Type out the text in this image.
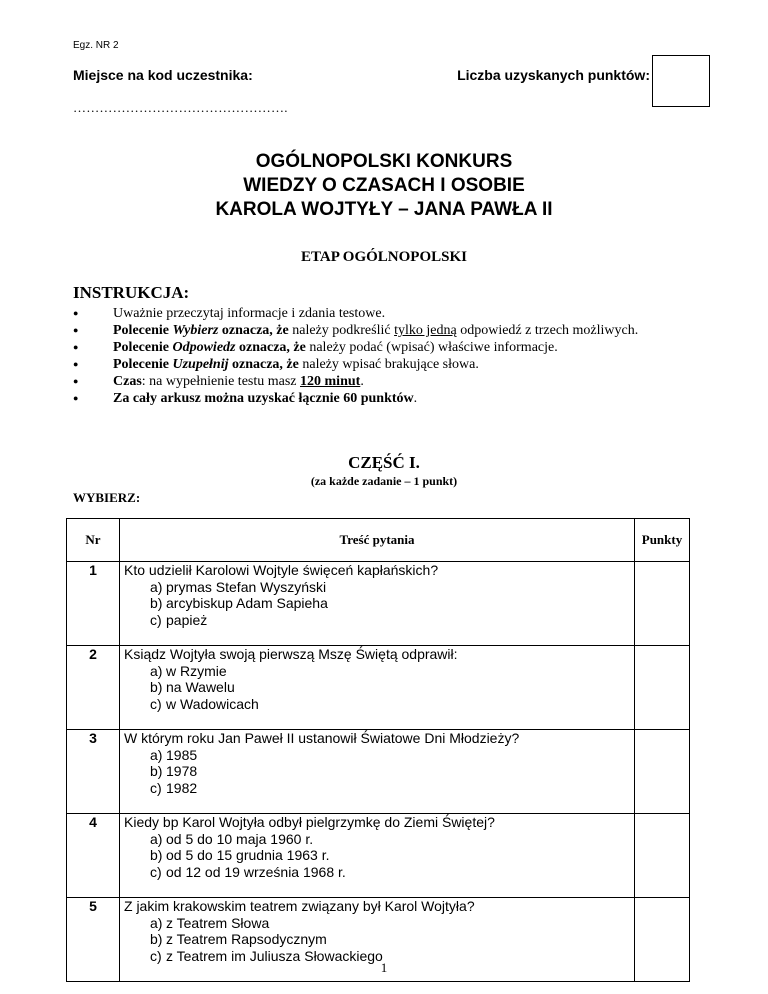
Egz. NR 2
Miejsce na kod uczestnika:	Liczba uzyskanych punktów:
………………………………………….
OGÓLNOPOLSKI KONKURS
WIEDZY O CZASACH I OSOBIE
KAROLA WOJTYŁY – JANA PAWŁA II
ETAP OGÓLNOPOLSKI
INSTRUKCJA:
● Uważnie przeczytaj informacje i zdania testowe.
● Polecenie Wybierz oznacza, że należy podkreślić tylko jedną odpowiedź z trzech możliwych.
● Polecenie Odpowiedz oznacza, że należy podać (wpisać) właściwe informacje.
● Polecenie Uzupełnij oznacza, że należy wpisać brakujące słowa.
● Czas: na wypełnienie testu masz 120 minut.
● Za cały arkusz można uzyskać łącznie 60 punktów.
CZĘŚĆ I.
(za każde zadanie – 1 punkt)
WYBIERZ:
Nr	Treść pytania	Punkty
1	Kto udzielił Karolowi Wojtyle święceń kapłańskich?
a) prymas Stefan Wyszyński
b) arcybiskup Adam Sapieha
c) papież	

2	Ksiądz Wojtyła swoją pierwszą Mszę Świętą odprawił:
a) w Rzymie
b) na Wawelu
c) w Wadowicach	

3	W którym roku Jan Paweł II ustanowił Światowe Dni Młodzieży?
a) 1985
b) 1978
c) 1982	

4	Kiedy bp Karol Wojtyła odbył pielgrzymkę do Ziemi Świętej?
a) od 5 do 10 maja 1960 r.
b) od 5 do 15 grudnia 1963 r.
c) od 12 od 19 września 1968 r.	

5	Z jakim krakowskim teatrem związany był Karol Wojtyła?
a) z Teatrem Słowa
b) z Teatrem Rapsodycznym
c) z Teatrem im Juliusza Słowackiego	

1
